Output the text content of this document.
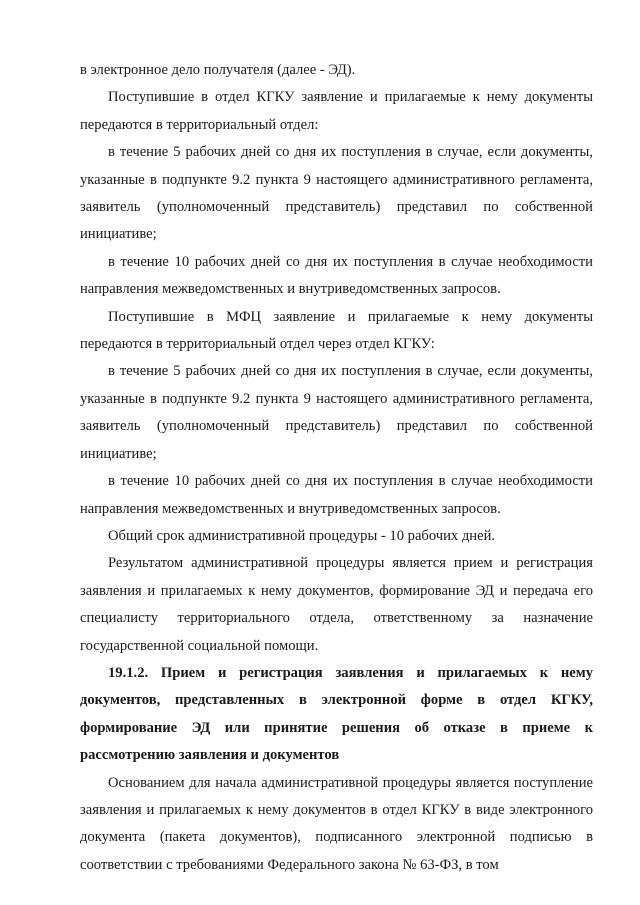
в электронное дело получателя (далее - ЭД).

Поступившие в отдел КГКУ заявление и прилагаемые к нему документы передаются в территориальный отдел:

в течение 5 рабочих дней со дня их поступления в случае, если документы, указанные в подпункте 9.2 пункта 9 настоящего административного регламента, заявитель (уполномоченный представитель) представил по собственной инициативе;

в течение 10 рабочих дней со дня их поступления в случае необходимости направления межведомственных и внутриведомственных запросов.

Поступившие в МФЦ заявление и прилагаемые к нему документы передаются в территориальный отдел через отдел КГКУ:

в течение 5 рабочих дней со дня их поступления в случае, если документы, указанные в подпункте 9.2 пункта 9 настоящего административного регламента, заявитель (уполномоченный представитель) представил по собственной инициативе;

в течение 10 рабочих дней со дня их поступления в случае необходимости направления межведомственных и внутриведомственных запросов.

Общий срок административной процедуры - 10 рабочих дней.

Результатом административной процедуры является прием и регистрация заявления и прилагаемых к нему документов, формирование ЭД и передача его специалисту территориального отдела, ответственному за назначение государственной социальной помощи.

19.1.2. Прием и регистрация заявления и прилагаемых к нему документов, представленных в электронной форме в отдел КГКУ, формирование ЭД или принятие решения об отказе в приеме к рассмотрению заявления и документов

Основанием для начала административной процедуры является поступление заявления и прилагаемых к нему документов в отдел КГКУ в виде электронного документа (пакета документов), подписанного электронной подписью в соответствии с требованиями Федерального закона № 63-ФЗ, в том
